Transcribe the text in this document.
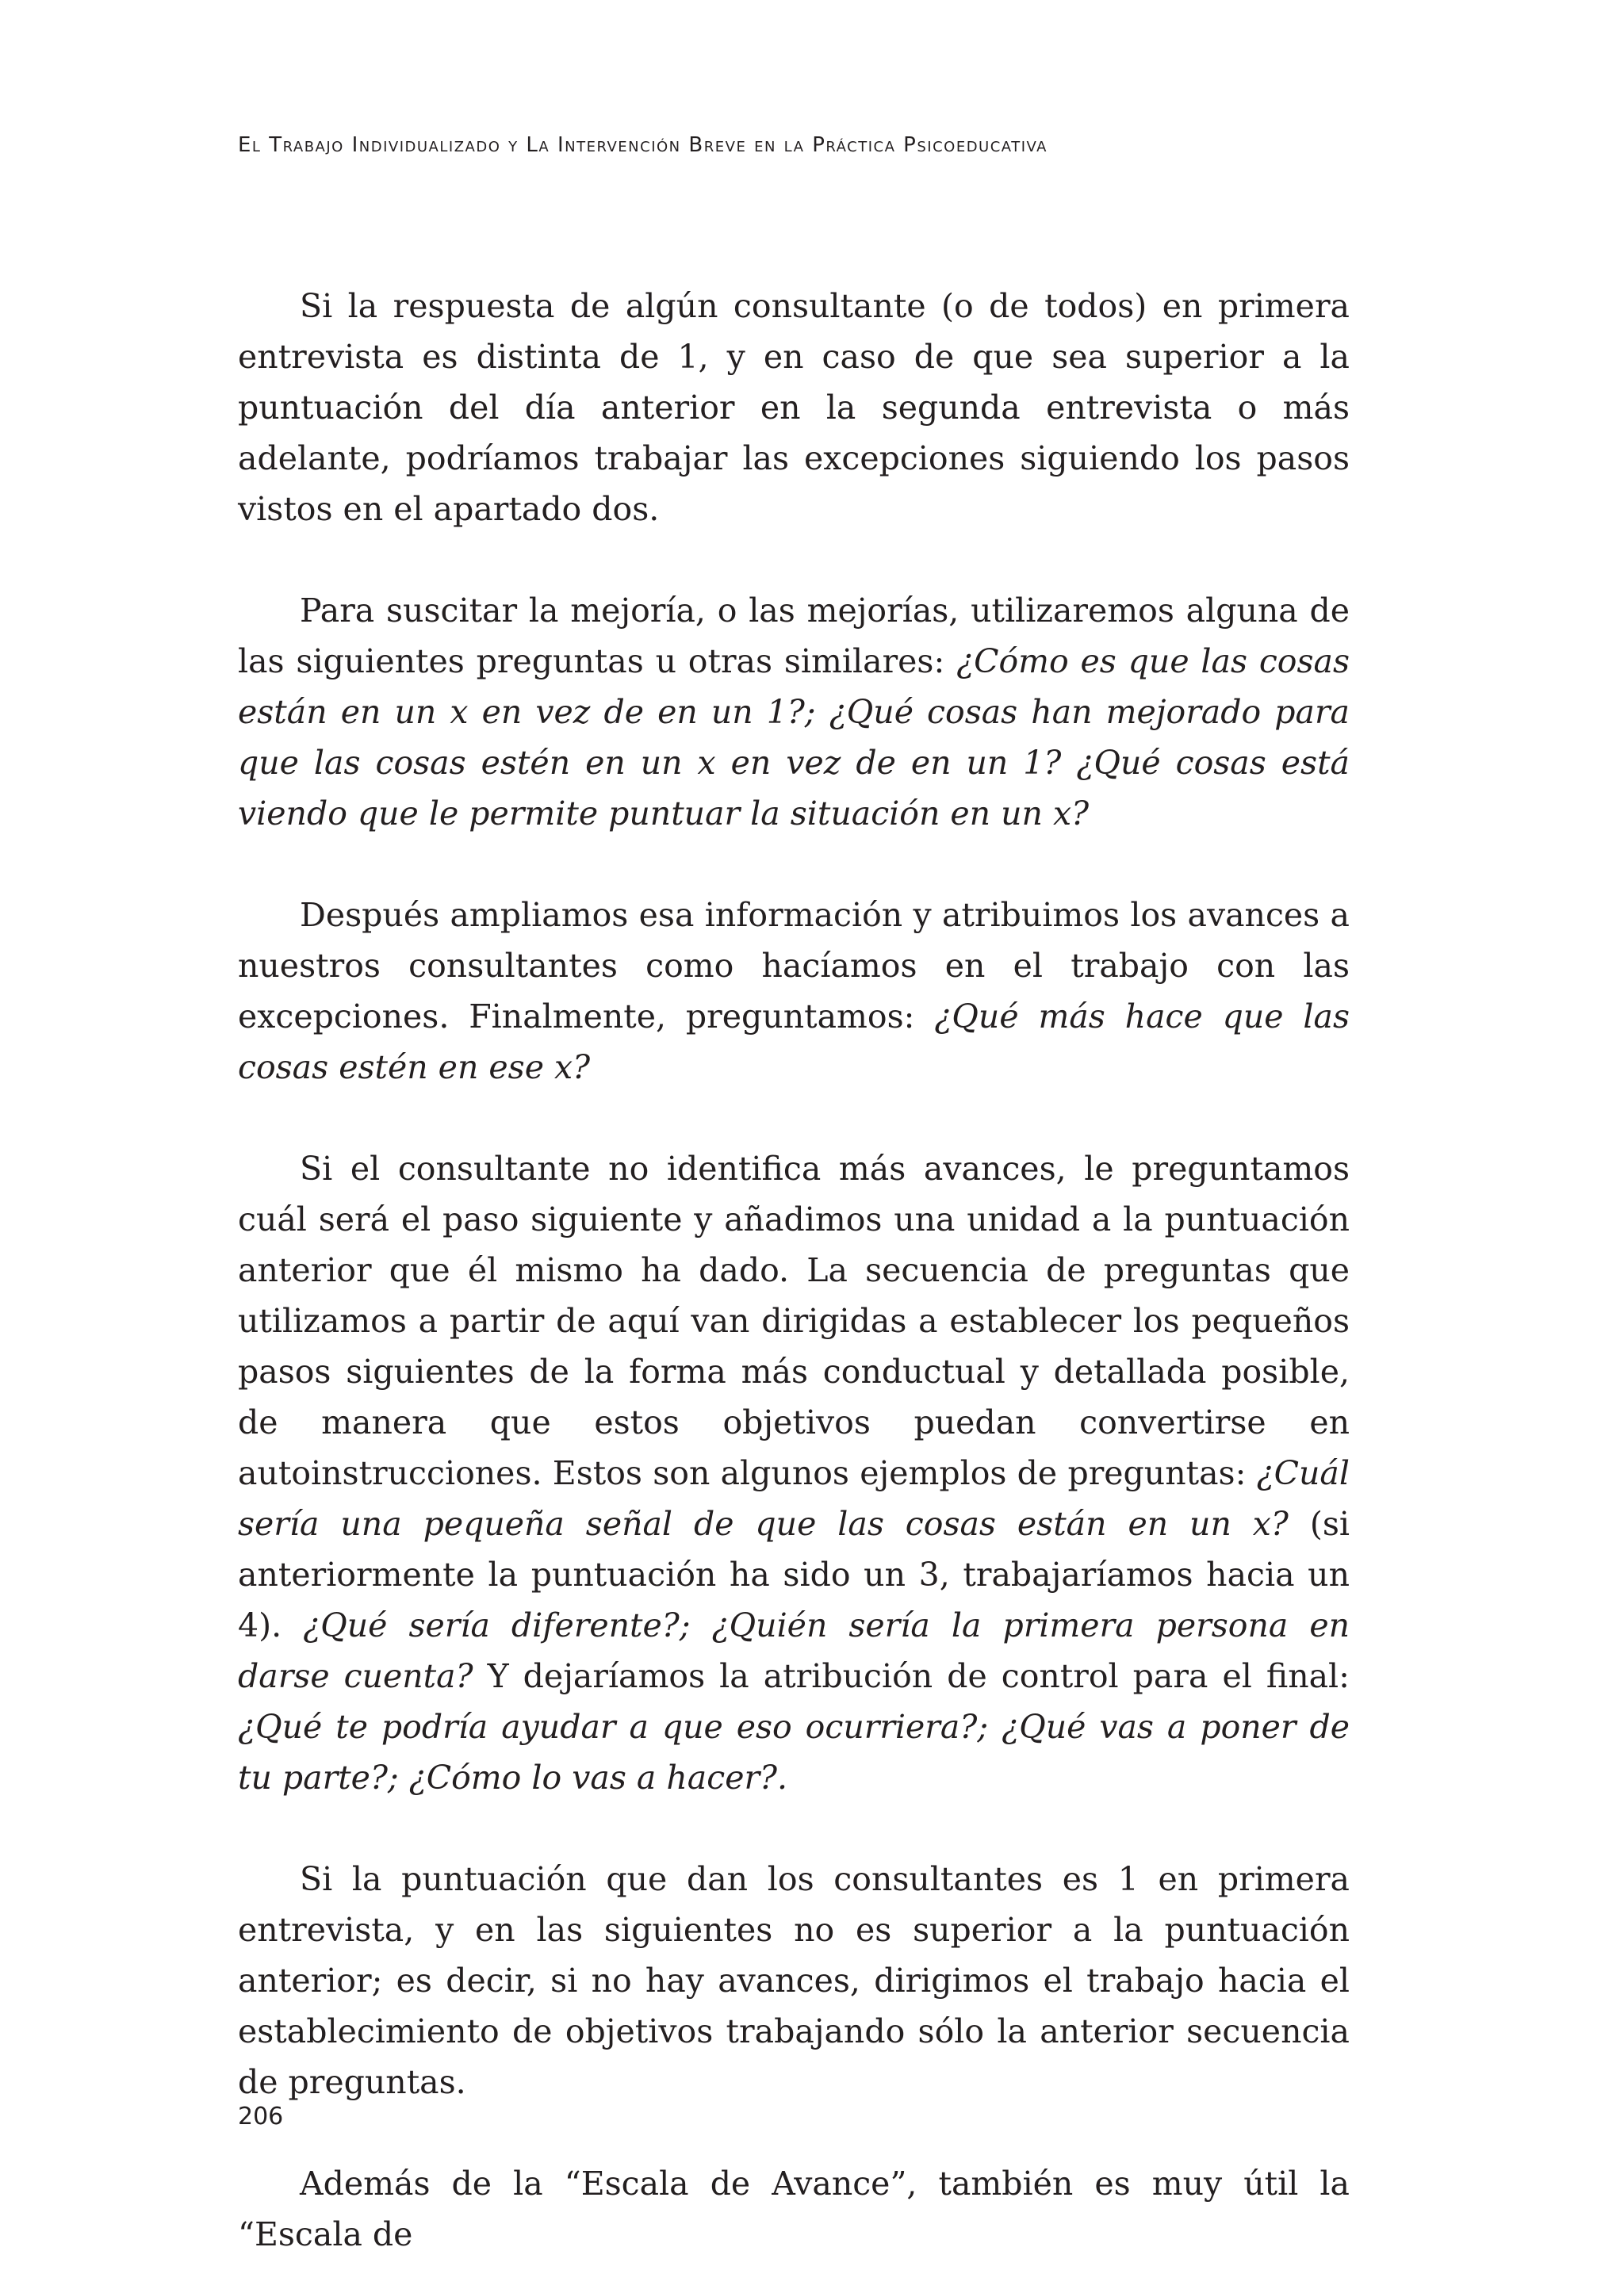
El Trabajo Individualizado y La Intervención Breve en la Práctica Psicoeducativa

Si la respuesta de algún consultante (o de todos) en primera entrevista es distinta de 1, y en caso de que sea superior a la puntuación del día anterior en la segunda entrevista o más adelante, podríamos trabajar las excepciones siguiendo los pasos vistos en el apartado dos.

Para suscitar la mejoría, o las mejorías, utilizaremos alguna de las siguientes preguntas u otras similares: ¿Cómo es que las cosas están en un x en vez de en un 1?; ¿Qué cosas han mejorado para que las cosas estén en un x en vez de en un 1? ¿Qué cosas está viendo que le permite puntuar la situación en un x?

Después ampliamos esa información y atribuimos los avances a nuestros consultantes como hacíamos en el trabajo con las excepciones. Finalmente, preguntamos: ¿Qué más hace que las cosas estén en ese x?

Si el consultante no identifica más avances, le preguntamos cuál será el paso siguiente y añadimos una unidad a la puntuación anterior que él mismo ha dado. La secuencia de preguntas que utilizamos a partir de aquí van dirigidas a establecer los pequeños pasos siguientes de la forma más conductual y detallada posible, de manera que estos objetivos puedan convertirse en autoinstrucciones. Estos son algunos ejemplos de preguntas: ¿Cuál sería una pequeña señal de que las cosas están en un x? (si anteriormente la puntuación ha sido un 3, trabajaríamos hacia un 4). ¿Qué sería diferente?; ¿Quién sería la primera persona en darse cuenta? Y dejaríamos la atribución de control para el final: ¿Qué te podría ayudar a que eso ocurriera?; ¿Qué vas a poner de tu parte?; ¿Cómo lo vas a hacer?.

Si la puntuación que dan los consultantes es 1 en primera entrevista, y en las siguientes no es superior a la puntuación anterior; es decir, si no hay avances, dirigimos el trabajo hacia el establecimiento de objetivos trabajando sólo la anterior secuencia de preguntas.

Además de la “Escala de Avance”, también es muy útil la “Escala de

206
